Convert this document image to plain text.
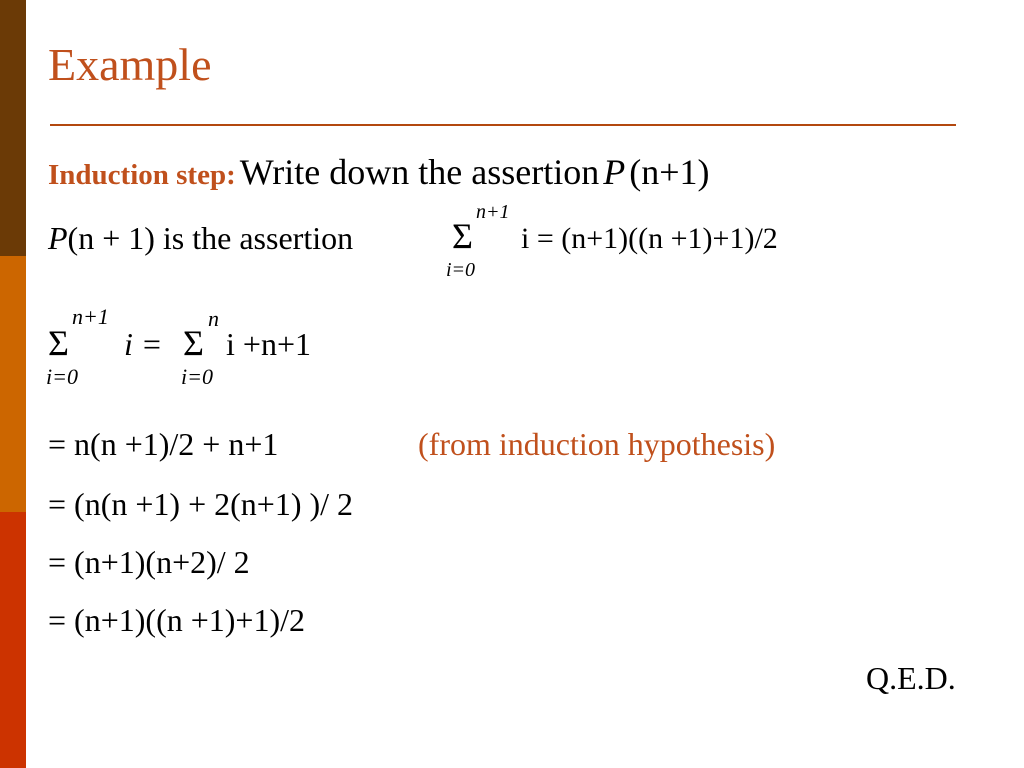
Example
Induction step: Write down the assertion P (n+1)
P(n + 1) is the assertion	Σ
n+1
i=0
i = (n+1)((n +1)+1)/2
Σ
n+1
i=0
i = Σ
n
i=0
i +n+1
= n(n +1)/2 + n+1	(from induction hypothesis)
= (n(n +1) + 2(n+1) )/ 2
= (n+1)(n+2)/ 2
= (n+1)((n +1)+1)/2
Q.E.D.
